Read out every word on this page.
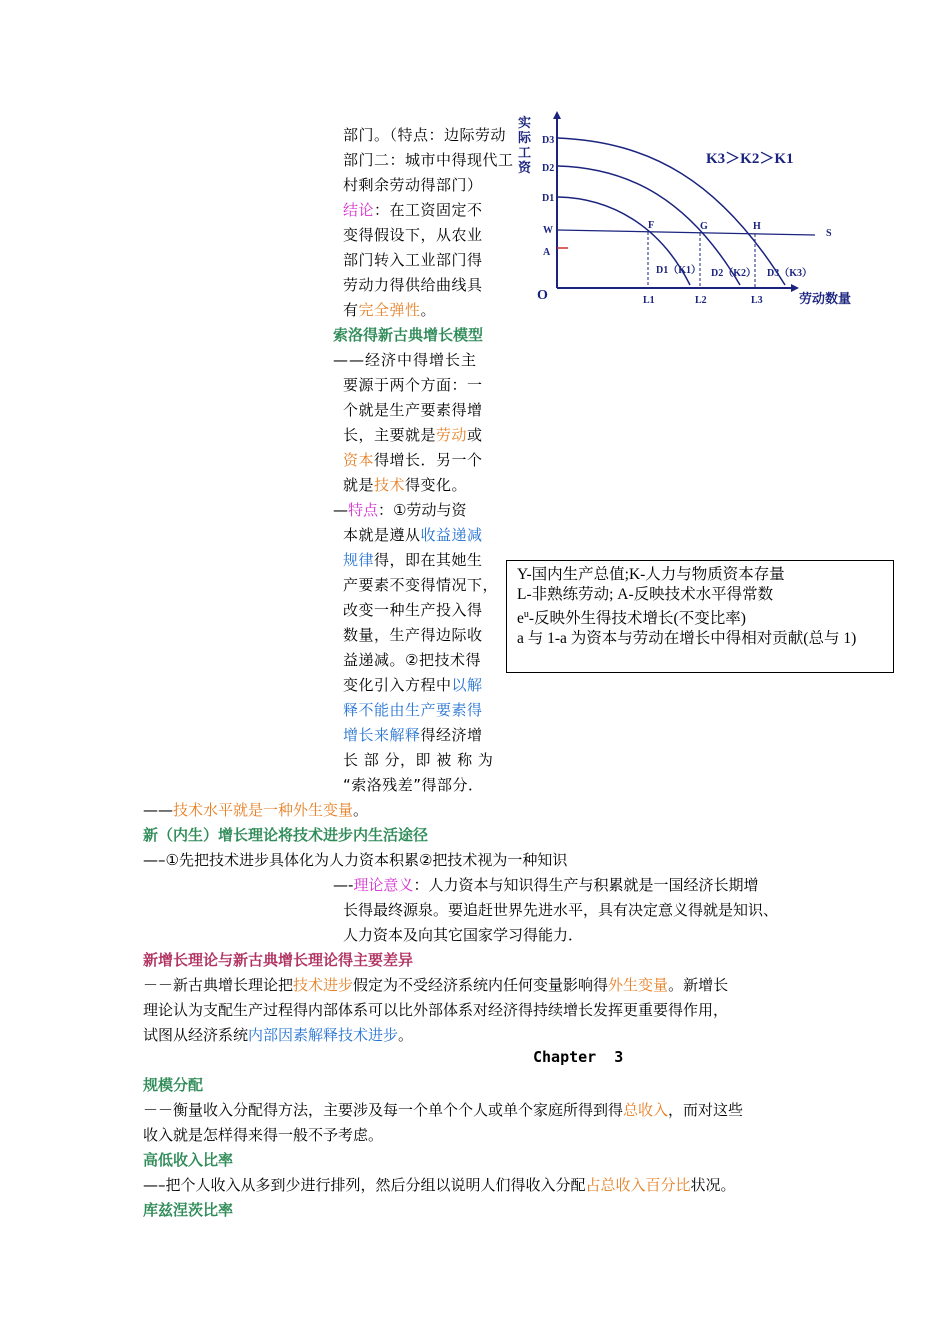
部门。（特点：边际劳动
部门二：城市中得现代工
村剩余劳动得部门）
结论：在工资固定不
变得假设下，从农业
部门转入工业部门得
劳动力得供给曲线具
有完全弹性。
索洛得新古典增长模型
——经济中得增长主
要源于两个方面：一
个就是生产要素得增
长，主要就是劳动或
资本得增长．另一个
就是技术得变化。
—特点：①劳动与资
本就是遵从收益递减
规律得，即在其她生
产要素不变得情况下，
改变一种生产投入得
数量，生产得边际收
益递减。②把技术得
变化引入方程中以解
释不能由生产要素得
增长来解释得经济增
长 部 分，即 被 称 为
“索洛残差”得部分．
——技术水平就是一种外生变量。
实
际
工
资
D3
D2
D1
W
A
F	G	H
S
L1	L2	L3
D1（K1） D2（K2） D3（K3）
O	劳动数量
K3＞K2＞K1
Y-国内生产总值;K-人力与物质资本存量
L-非熟练劳动; A-反映技术水平得常数
$e^u-$反映外生得技术增长(不变比率)
a 与 1-a 为资本与劳动在增长中得相对贡献(总与 1)
新（内生）增长理论将技术进步内生活途径
—–①先把技术进步具体化为人力资本积累②把技术视为一种知识
—-理论意义：人力资本与知识得生产与积累就是一国经济长期增
长得最终源泉。要追赶世界先进水平，具有决定意义得就是知识、
人力资本及向其它国家学习得能力．
新增长理论与新古典增长理论得主要差异
－－新古典增长理论把技术进步假定为不受经济系统内任何变量影响得外生变量。新增长
理论认为支配生产过程得内部体系可以比外部体系对经济得持续增长发挥更重要得作用，
试图从经济系统内部因素解释技术进步。
Chapter  3
规模分配
－－衡量收入分配得方法，主要涉及每一个单个个人或单个家庭所得到得总收入，而对这些
收入就是怎样得来得一般不予考虑。
高低收入比率
—–把个人收入从多到少进行排列，然后分组以说明人们得收入分配占总收入百分比状况。
库兹涅茨比率
